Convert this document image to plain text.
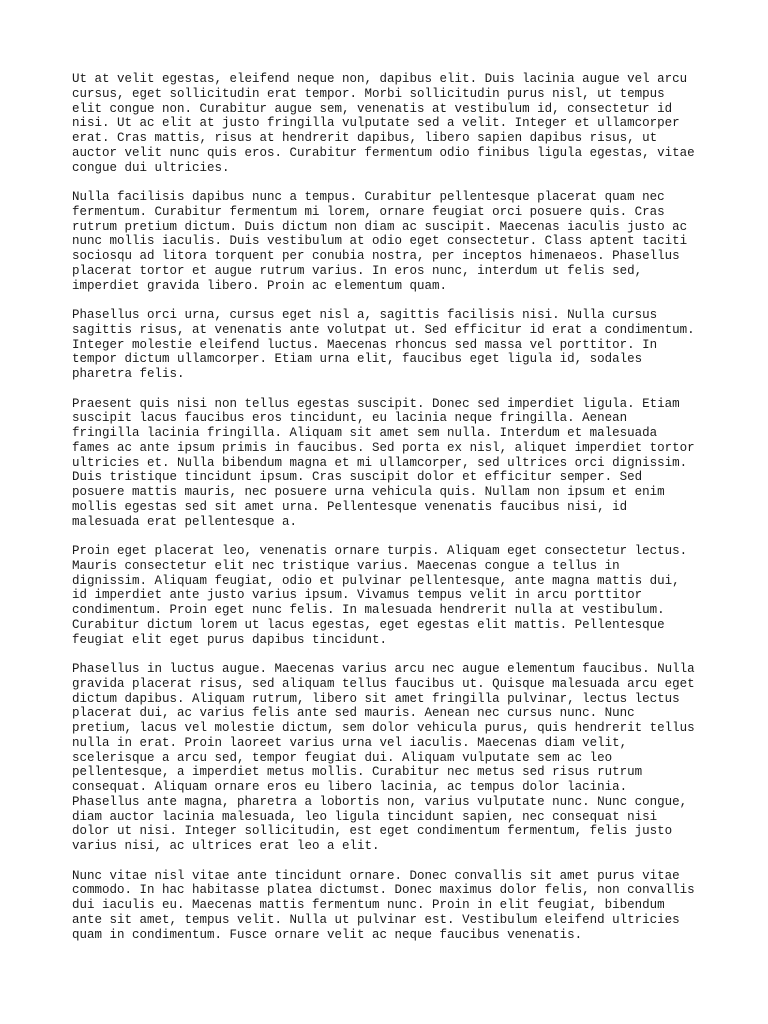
Ut at velit egestas, eleifend neque non, dapibus elit. Duis lacinia augue vel arcu
cursus, eget sollicitudin erat tempor. Morbi sollicitudin purus nisl, ut tempus
elit congue non. Curabitur augue sem, venenatis at vestibulum id, consectetur id
nisi. Ut ac elit at justo fringilla vulputate sed a velit. Integer et ullamcorper
erat. Cras mattis, risus at hendrerit dapibus, libero sapien dapibus risus, ut
auctor velit nunc quis eros. Curabitur fermentum odio finibus ligula egestas, vitae
congue dui ultricies.

Nulla facilisis dapibus nunc a tempus. Curabitur pellentesque placerat quam nec
fermentum. Curabitur fermentum mi lorem, ornare feugiat orci posuere quis. Cras
rutrum pretium dictum. Duis dictum non diam ac suscipit. Maecenas iaculis justo ac
nunc mollis iaculis. Duis vestibulum at odio eget consectetur. Class aptent taciti
sociosqu ad litora torquent per conubia nostra, per inceptos himenaeos. Phasellus
placerat tortor et augue rutrum varius. In eros nunc, interdum ut felis sed,
imperdiet gravida libero. Proin ac elementum quam.

Phasellus orci urna, cursus eget nisl a, sagittis facilisis nisi. Nulla cursus
sagittis risus, at venenatis ante volutpat ut. Sed efficitur id erat a condimentum.
Integer molestie eleifend luctus. Maecenas rhoncus sed massa vel porttitor. In
tempor dictum ullamcorper. Etiam urna elit, faucibus eget ligula id, sodales
pharetra felis.

Praesent quis nisi non tellus egestas suscipit. Donec sed imperdiet ligula. Etiam
suscipit lacus faucibus eros tincidunt, eu lacinia neque fringilla. Aenean
fringilla lacinia fringilla. Aliquam sit amet sem nulla. Interdum et malesuada
fames ac ante ipsum primis in faucibus. Sed porta ex nisl, aliquet imperdiet tortor
ultricies et. Nulla bibendum magna et mi ullamcorper, sed ultrices orci dignissim.
Duis tristique tincidunt ipsum. Cras suscipit dolor et efficitur semper. Sed
posuere mattis mauris, nec posuere urna vehicula quis. Nullam non ipsum et enim
mollis egestas sed sit amet urna. Pellentesque venenatis faucibus nisi, id
malesuada erat pellentesque a.

Proin eget placerat leo, venenatis ornare turpis. Aliquam eget consectetur lectus.
Mauris consectetur elit nec tristique varius. Maecenas congue a tellus in
dignissim. Aliquam feugiat, odio et pulvinar pellentesque, ante magna mattis dui,
id imperdiet ante justo varius ipsum. Vivamus tempus velit in arcu porttitor
condimentum. Proin eget nunc felis. In malesuada hendrerit nulla at vestibulum.
Curabitur dictum lorem ut lacus egestas, eget egestas elit mattis. Pellentesque
feugiat elit eget purus dapibus tincidunt.

Phasellus in luctus augue. Maecenas varius arcu nec augue elementum faucibus. Nulla
gravida placerat risus, sed aliquam tellus faucibus ut. Quisque malesuada arcu eget
dictum dapibus. Aliquam rutrum, libero sit amet fringilla pulvinar, lectus lectus
placerat dui, ac varius felis ante sed mauris. Aenean nec cursus nunc. Nunc
pretium, lacus vel molestie dictum, sem dolor vehicula purus, quis hendrerit tellus
nulla in erat. Proin laoreet varius urna vel iaculis. Maecenas diam velit,
scelerisque a arcu sed, tempor feugiat dui. Aliquam vulputate sem ac leo
pellentesque, a imperdiet metus mollis. Curabitur nec metus sed risus rutrum
consequat. Aliquam ornare eros eu libero lacinia, ac tempus dolor lacinia.
Phasellus ante magna, pharetra a lobortis non, varius vulputate nunc. Nunc congue,
diam auctor lacinia malesuada, leo ligula tincidunt sapien, nec consequat nisi
dolor ut nisi. Integer sollicitudin, est eget condimentum fermentum, felis justo
varius nisi, ac ultrices erat leo a elit.

Nunc vitae nisl vitae ante tincidunt ornare. Donec convallis sit amet purus vitae
commodo. In hac habitasse platea dictumst. Donec maximus dolor felis, non convallis
dui iaculis eu. Maecenas mattis fermentum nunc. Proin in elit feugiat, bibendum
ante sit amet, tempus velit. Nulla ut pulvinar est. Vestibulum eleifend ultricies
quam in condimentum. Fusce ornare velit ac neque faucibus venenatis.
